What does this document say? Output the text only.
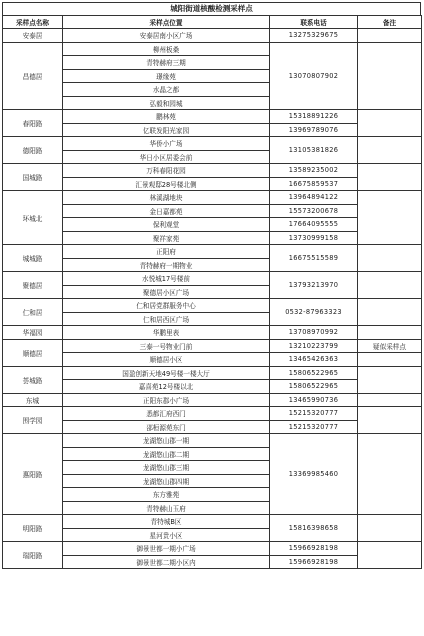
城阳街道核酸检测采样点
采样点名称	采样点位置	联系电话	备注
安泰居	安泰居南小区广场	13275329675	
昌德居	柳州板桑	13070807902	
	青特赫府三期		
	璟缘苑		
	水晶之都		
	弘毅和园城		
春阳路	鹏林苑	15318891226	
	亿联发阳光家园	13969789076	
德阳路	华侨小广场	13105381826	
	华日小区居委会前		
国城路	万科春阳花园	13589235002	
	汇景观邸28号楼北侧	16675859537	
环城北	林溪湖地块	13964894122	
	金日嘉都苑	15573200678	
	保利观堂	17664095555	
	聚祥家苑	13730999158	
城城路	正阳府	16675515589	
	青特赫府一期物业		
聚德居	水悦城17号楼前	13793213970	
	聚德居小区广场		
仁和居	仁和居党群服务中心	0532-87963323	
	仁和居西区广场		
华福园	华鹏里表	13708970992	
顺德居	三泰一号物业门前	13210223799	疑似采样点
	顺德居小区	13465426363	
荟城路	国盈创新天地49号楼一楼大厅	15806522965	
	嘉喜苑12号楼以北	15806522965	
东城	正阳东郡小广场	13465990736	
围学园	悉都汇府西门	15215320777	
	邵桓源苑东门	15215320777	
惠阳路	龙湖悠山郡一期	13369985460	
	龙湖悠山郡二期		
	龙湖悠山郡三期		
	龙湖悠山郡四期		
	东方雅苑		
	青特赫山玉府		
明阳路	青特城B区	15816398658	
	星河贵小区		
瑞阳路	御景世都一期小广场	15966928198	
	御景世都二期小区内	15966928198	
